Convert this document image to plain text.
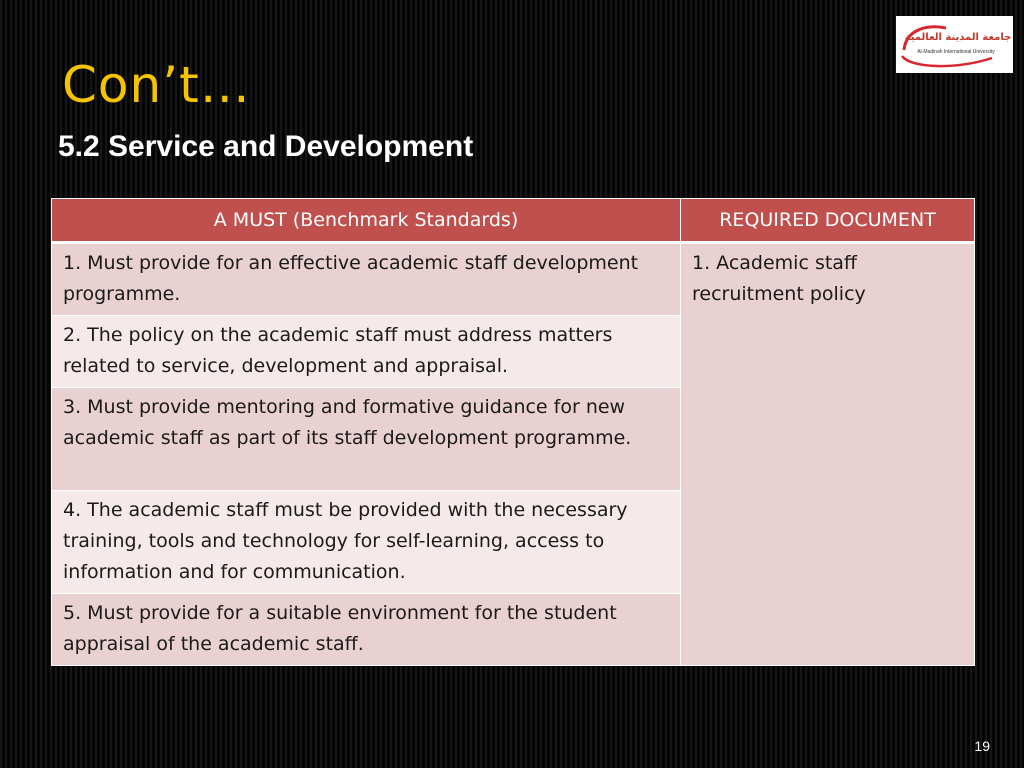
جامعة المدينة العالمية
Al-Madinah International University
Con’t…
5.2 Service and Development
A MUST (Benchmark Standards)	REQUIRED DOCUMENT
1. Must provide for an effective academic staff development programme.	1. Academic staff recruitment policy
2. The policy on the academic staff must address matters related to service, development and appraisal.	
3. Must provide mentoring and formative guidance for new academic staff as part of its staff development programme.	
4. The academic staff must be provided with the necessary training, tools and technology for self-learning, access to information and for communication.	
5. Must provide for a suitable environment for the student appraisal of the academic staff.	
19
